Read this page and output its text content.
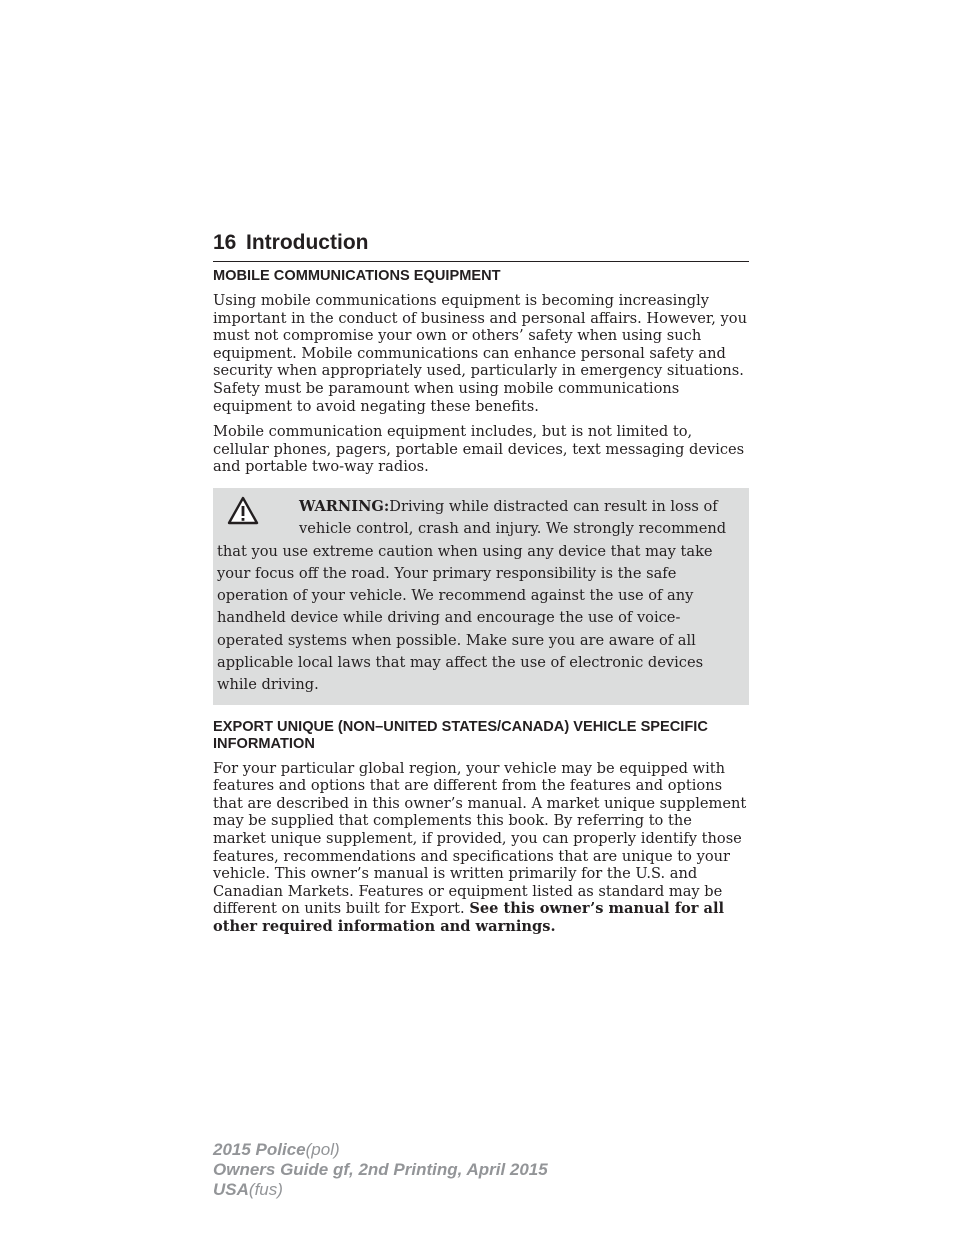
16 Introduction
MOBILE COMMUNICATIONS EQUIPMENT

Using mobile communications equipment is becoming increasingly important in the conduct of business and personal affairs. However, you must not compromise your own or others’ safety when using such equipment. Mobile communications can enhance personal safety and security when appropriately used, particularly in emergency situations. Safety must be paramount when using mobile communications equipment to avoid negating these benefits.

Mobile communication equipment includes, but is not limited to, cellular phones, pagers, portable email devices, text messaging devices and portable two-way radios.

WARNING:Driving while distracted can result in loss of vehicle control, crash and injury. We strongly recommend that you use extreme caution when using any device that may take your focus off the road. Your primary responsibility is the safe operation of your vehicle. We recommend against the use of any handheld device while driving and encourage the use of voice-operated systems when possible. Make sure you are aware of all applicable local laws that may affect the use of electronic devices while driving.
EXPORT UNIQUE (NON–UNITED STATES/CANADA) VEHICLE SPECIFIC INFORMATION

For your particular global region, your vehicle may be equipped with features and options that are different from the features and options that are described in this owner’s manual. A market unique supplement may be supplied that complements this book. By referring to the market unique supplement, if provided, you can properly identify those features, recommendations and specifications that are unique to your vehicle. This owner’s manual is written primarily for the U.S. and Canadian Markets. Features or equipment listed as standard may be different on units built for Export. See this owner’s manual for all other required information and warnings.

2015 Police(pol)
Owners Guide gf, 2nd Printing, April 2015
USA(fus)
